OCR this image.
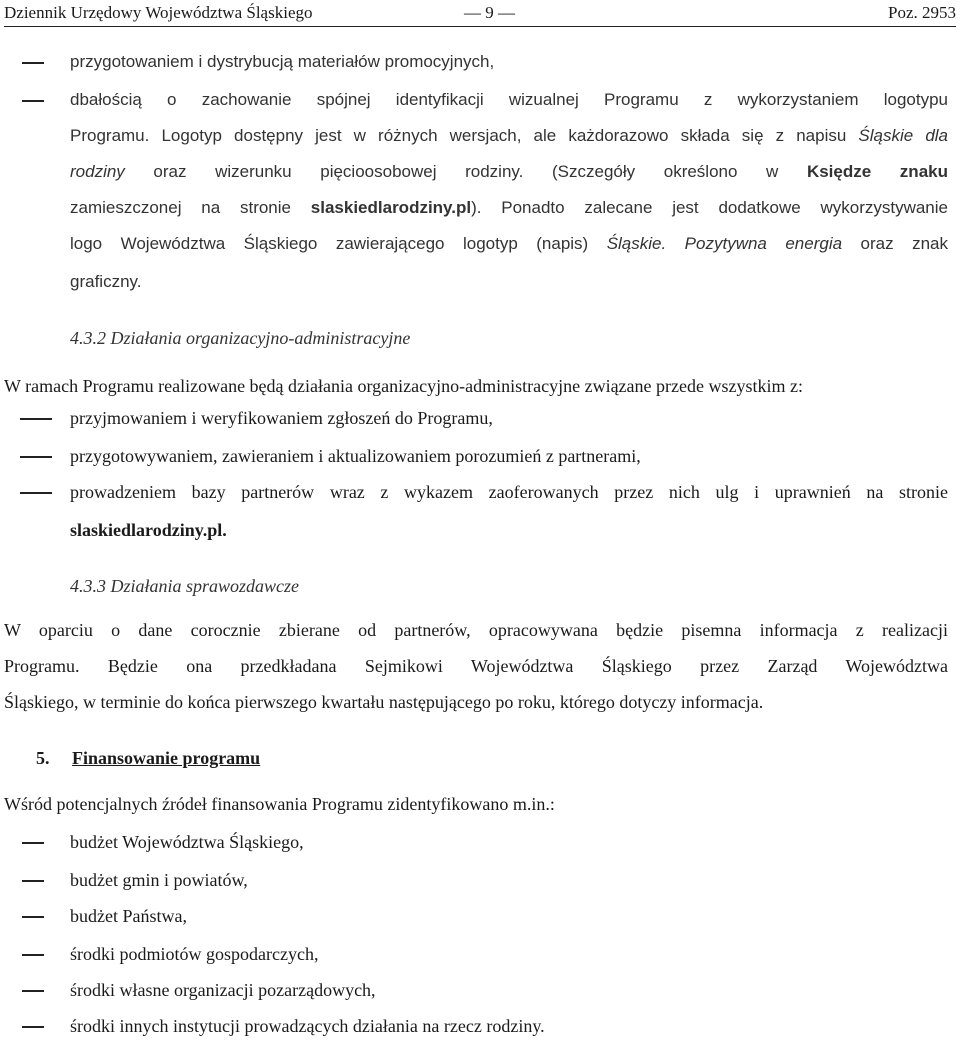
Dziennik Urzędowy Województwa Śląskiego	— 9 —	Poz. 2953
przygotowaniem i dystrybucją materiałów promocyjnych,
dbałością o zachowanie spójnej identyfikacji wizualnej Programu z wykorzystaniem logotypu
Programu. Logotyp dostępny jest w różnych wersjach, ale każdorazowo składa się z napisu Śląskie dla
rodziny oraz wizerunku pięcioosobowej rodziny. (Szczegóły określono w Księdze znaku
zamieszczonej na stronie slaskiedlarodziny.pl). Ponadto zalecane jest dodatkowe wykorzystywanie
logo Województwa Śląskiego zawierającego logotyp (napis) Śląskie. Pozytywna energia oraz znak
graficzny.
4.3.2 Działania organizacyjno-administracyjne
W ramach Programu realizowane będą działania organizacyjno-administracyjne związane przede wszystkim z:
przyjmowaniem i weryfikowaniem zgłoszeń do Programu,
przygotowywaniem, zawieraniem i aktualizowaniem porozumień z partnerami,
prowadzeniem bazy partnerów wraz z wykazem zaoferowanych przez nich ulg i uprawnień na stronie
slaskiedlarodziny.pl.
4.3.3 Działania sprawozdawcze
W oparciu o dane corocznie zbierane od partnerów, opracowywana będzie pisemna informacja z realizacji
Programu. Będzie ona przedkładana Sejmikowi Województwa Śląskiego przez Zarząd Województwa
Śląskiego, w terminie do końca pierwszego kwartału następującego po roku, którego dotyczy informacja.
5. Finansowanie programu
Wśród potencjalnych źródeł finansowania Programu zidentyfikowano m.in.:
budżet Województwa Śląskiego,
budżet gmin i powiatów,
budżet Państwa,
środki podmiotów gospodarczych,
środki własne organizacji pozarządowych,
środki innych instytucji prowadzących działania na rzecz rodziny.
